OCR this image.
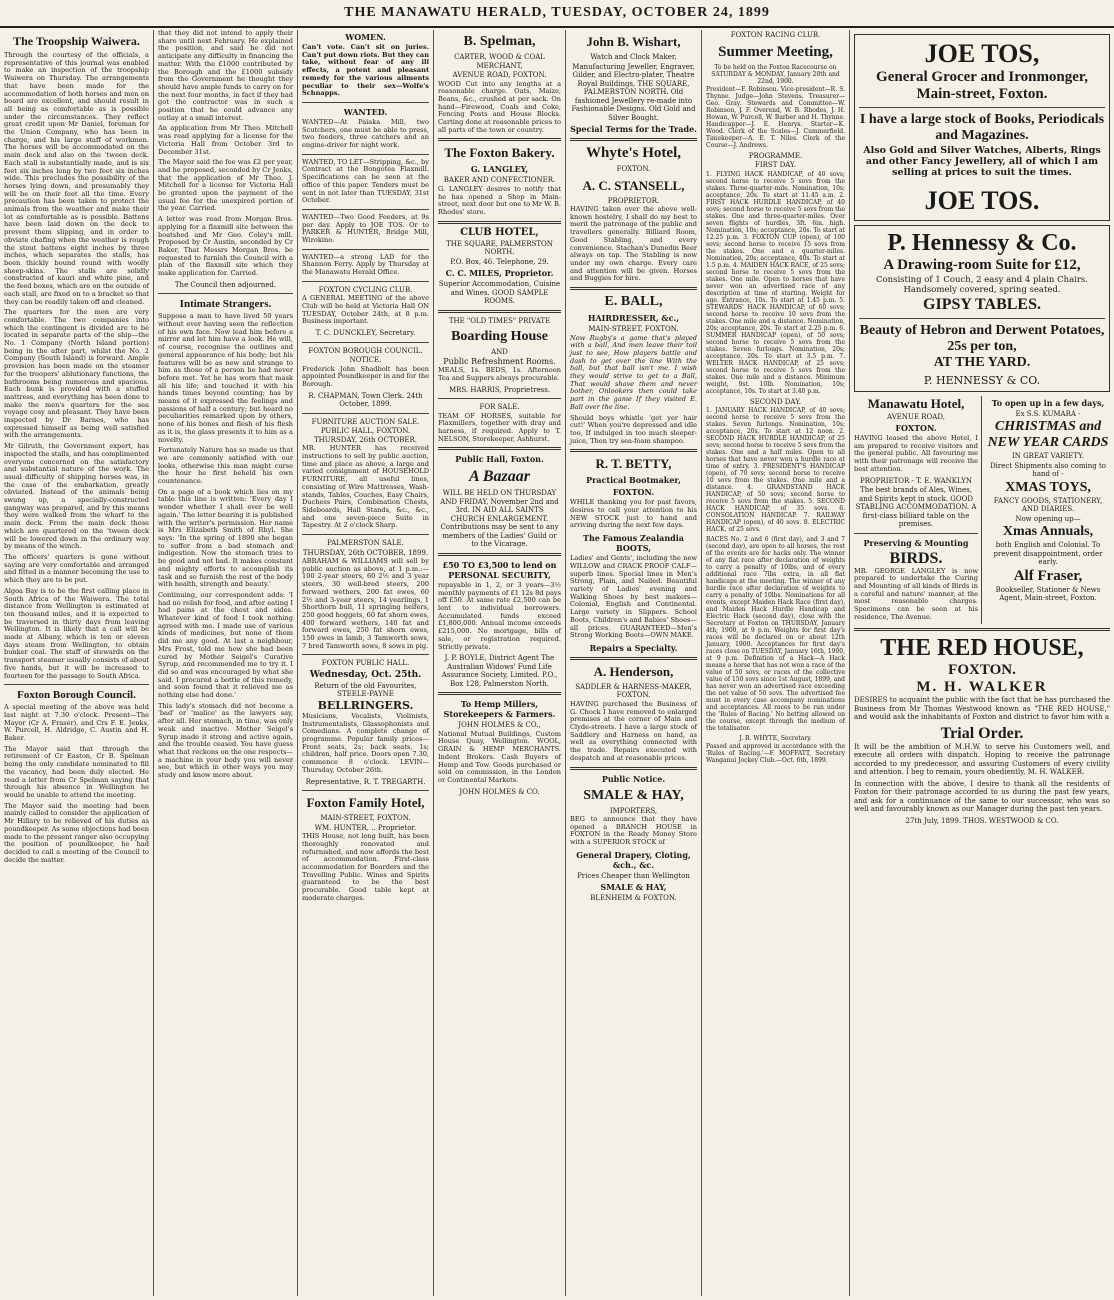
THE MANAWATU HERALD, TUESDAY, OCTOBER 24, 1899
The Troopship Waiwera.

Through the courtesy of the officials, a representative of this journal was enabled to make an inspection of the troopship Waiwera on Thursday. The arrangements that have been made for the accommodation of both horses and men on board are excellent, and should result in all being as comfortable as is possible under the circumstances. They reflect great credit upon Mr Daniel, foreman for the Union Company, who has been in charge, and his large staff of workmen. The horses will be accommodated on the main deck and also on the 'tween deck. Each stall is substantially made, and is six feet six inches long by two feet six inches wide. This precludes the possibility of the horses lying down, and presumably they will be on their feet all the time. Every precaution has been taken to protect the animals from the weather and make their lot as comfortable as is possible. Battens have been laid down on the deck to prevent them slipping, and in order to obviate chafing when the weather is rough the stout battens eight inches by three inches, which separates the stalls, has been thickly bound round with woolly sheep-skins. The stalls are solidly constructed of kauri and white pine, and the feed boxes, which are on the outside of each stall, are fixed on to a bracket so that they can be readily taken off and cleaned.

The quarters for the men are very comfortable. The two companies into which the contingent is divided are to be located in separate parts of the ship—the No. 1 Company (North Island portion) being in the after part, whilst the No. 2 Company (South Island) is forward. Ample provision has been made on the steamer for the troopers' ablutionary functions, the bathrooms being numerous and spacious. Each bunk is provided with a stuffed mattress, and everything has been done to make the men's quarters for the sea voyage cosy and pleasant. They have been inspected by Dr Barnes, who has expressed himself as being well satisfied with the arrangements.

Mr Gilruth, the Government expert, has inspected the stalls, and has complimented everyone concerned on the satisfactory and substantial nature of the work. The usual difficulty of shipping horses was, in the case of the embarkation, greatly obviated. Instead of the animals being swung up, a specially-constructed gangway was prepared, and by this means they were walked from the wharf to the main deck. From the main deck those which are quartered on the 'tween deck will be lowered down in the ordinary way by means of the winch.

The officers' quarters is gone without saying are very comfortable and arranged and fitted in a manner becoming the use to which they are to be put.

Algoa Bay is to be the first calling place in South Africa of the Waiwera. The total distance from Wellington is estimated at ten thousand miles, and it is expected to be traversed in thirty days from leaving Wellington. It is likely that a call will be made at Albany, which is ten or eleven days steam from Wellington, to obtain bunker coal. The staff of stewards on the transport steamer usually consists of about five hands, but it will be increased to fourteen for the passage to South Africa.

Foxton Borough Council.

A special meeting of the above was held last night at 7.30 o'clock. Present—The Mayor (Cr A. Fraser), and Crs F. E. Jenks, W. Purcell, H. Aldridge, C. Austin and H. Baker.

The Mayor said that through the retirement of Cr Easton, Cr B. Spelman being the only candidate nominated to fill the vacancy, had been duly elected. He read a letter from Cr Spelman saying that through his absence in Wellington he would be unable to attend the meeting.

The Mayor said the meeting had been mainly called to consider the application of Mr Hillary to be relieved of his duties as poundkeeper. As some objections had been made to the present ranger also occupying the position of poundkeeper, he had decided to call a meeting of the Council to decide the matter.

that they did not intend to apply their share until next February. He explained the position, and said he did not anticipate any difficulty in financing the matter. With the £1000 contributed by the Borough and the £1000 subsidy from the Government he thought they should have ample funds to carry on for the next four months, in fact if they had got the contractor was in such a position that he could advance any outlay at a small interest.

An application from Mr Theo. Mitchell was read applying for a license for the Victoria Hall from October 3rd to December 31st.

The Mayor said the fee was £2 per year, and he proposed, seconded by Cr Jenks, that the application of Mr Theo. J. Mitchell for a license for Victoria Hall be granted upon the payment of the usual fee for the unexpired portion of the year. Carried.

A letter was read from Morgan Bros. applying for a flaxmill site between the boatshed and Mr Geo. Coley's mill. Proposed by Cr Austin, seconded by Cr Baker, That Messrs Morgan Bros. be requested to furnish the Council with a plan of the flaxmill site which they make application for. Carried.

The Council then adjourned.

Intimate Strangers.

Suppose a man to have lived 50 years without ever having seen the reflection of his own face. Now lead him before a mirror and let him have a look. He will, of course, recognise the outlines and general appearance of his body; but his features will be as new and strange to him as those of a person he had never before met. Yet he has worn that mask all his life; and touched it with his hands times beyond counting; has by means of it expressed the feelings and passions of half a century; but heard no peculiarities remarked upon by others, none of his bones and flesh of his flesh as it is, the glass presents it to him as a novelty.

Fortunately Nature has so made us that we are commonly satisfied with our looks, otherwise this man might curse the hour he first beheld his own countenance.

On a page of a book which lies on my table this line is written: 'Every day I wonder whether I shall ever be well again.' The letter bearing it is published with the writer's permission. Her name is Mrs Elizabeth Smith of Rhyl. She says: 'In the spring of 1890 she began to suffer from a bad stomach and indigestion. Now the stomach tries to be good and not bad. It makes constant and mighty efforts to accomplish its task and so furnish the rest of the body with health, strength and beauty.'

Continuing, our correspondent adds: 'I had no relish for food, and after eating I had pains at the chest and sides. Whatever kind of food I took nothing agreed with me. I made use of various kinds of medicines, but none of them did me any good. At last a neighbour, Mrs Frost, told me how she had been cured by Mother Seigel's Curative Syrup, and recommended me to try it. I did so and was encouraged by what she said. I procured a bottle of this remedy, and soon found that it relieved me as nothing else had done.'

This lady's stomach did not become a 'bad' or 'malice' as the lawyers say, after all. Her stomach, in time, was only weak and inactive. Mother Seigel's Syrup made it strong and active again, and the trouble ceased. You have guess what that reckons on the one respects—a machine in your body you will never see, but which in other ways you may study and know more about.

WOMEN.

Can't vote. Can't sit on juries. Can't put down riots. But they can take, without fear of any ill effects, a potent and pleasant remedy for the various ailments peculiar to their sex—Wolfe's Schnapps.

WANTED.

WANTED—At Paiaka Mill, two Scutchers, one must be able to press, two feeders, three catchers and an engine-driver for night work.

WANTED, TO LET—Stripping, &c., by Contract at the Bongotea Flaxmill. Specifications can be seen at the office of this paper. Tenders must be sent in not later than TUESDAY, 31st October.

WANTED—Two Good Feeders, at 9s per day. Apply to JOE TOS. Or to PARKER & HUNTER, Bridge Mill, Wirokino.

WANTED—a strong LAD for the Shannon Ferry. Apply by Thursday at the Manawatu Herald Office.

FOXTON CYCLING CLUB.

A GENERAL MEETING of the above Club will be held at Victoria Hall ON TUESDAY, October 24th, at 8 p.m. Business important.

T. C. DUNCKLEY, Secretary.

FOXTON BOROUGH COUNCIL.
NOTICE.

Frederick John Shadbolt has been appointed Poundkeeper in and for the Borough.

R. CHAPMAN, Town Clerk. 24th October, 1899.

FURNITURE AUCTION SALE.
PUBLIC HALL, FOXTON. THURSDAY, 26th OCTOBER.

MR. HUNTER has received instructions to sell by public auction, time and place as above, a large and varied consignment of HOUSEHOLD FURNITURE, all useful lines, consisting of Wire Mattresses, Wash-stands, Tables, Couches, Easy Chairs, Duchess Pairs, Combination Chests, Sideboards, Hall Stands, &c., &c., and one seven-piece Suite in Tapestry. At 2 o'clock Sharp.

PALMERSTON SALE.
THURSDAY, 26th OCTOBER, 1899.

ABRAHAM & WILLIAMS will sell by public auction as above, at 1 p.m.:— 100 2-year steers, 60 2½ and 3 year steers, 30 well-bred steers, 200 forward wethers, 200 fat ewes, 60 2½ and 3-year steers, 14 yearlings, 1 Shorthorn bull, 11 springing heifers, 250 good hoggets, 60 fat shorn ewes, 400 forward wethers, 140 fat and forward ewes, 250 fat shorn ewes, 150 ewes in lamb, 3 Tamworth sows, 7 bred Tamworth sows, 8 sows in pig.

FOXTON PUBLIC HALL.
Wednesday, Oct. 25th.

Return of the old Favourites, STEELE-PAYNE

BELLRINGERS.

Musicians, Vocalists, Violinists, Instrumentalists, Glassophonists and Comedians. A complete change of programme. Popular family prices—Front seats, 2s; back seats, 1s; children, half price. Doors open 7.30, commence 8 o'clock. LEVIN—Thursday, October 26th.

Representative, R. T. TREGARTH.

Foxton Family Hotel,
MAIN-STREET, FOXTON.
WM. HUNTER, .. Proprietor.

THIS House, not long built, has been thoroughly renovated and refurnished, and now affords the best of accommodation. First-class accommodation for Boarders and the Travelling Public. Wines and Spirits guaranteed to be the best procurable. Good table kept at moderate charges.

B. Spelman,
CARTER, WOOD & COAL MERCHANT,
AVENUE ROAD, FOXTON.

WOOD Cut into any lengths at a reasonable charge. Oats, Maize, Beans, &c., crushed at per sack. On hand—Firewood, Coals and Coke, Fencing Posts and House Blocks. Carting done at reasonable prices to all parts of the town or country.

The Foxton Bakery.
G. LANGLEY,
BAKER AND CONFECTIONER.

G. LANGLEY desires to notify that he has opened a Shop in Main-street, next door but one to Mr W. B. Rhodes' store.

CLUB HOTEL,
THE SQUARE, PALMERSTON NORTH.
P.O. Box, 46. Telephone, 29.
C. C. MILES, Proprietor.

Superior Accommodation, Cuisine and Wines. GOOD SAMPLE ROOMS.

THE "OLD TIMES" PRIVATE
Boarding House
AND
Public Refreshment Rooms.

MEALS, 1s. BEDS, 1s. Afternoon Tea and Suppers always procurable.

MRS. HARRIS, Proprietress.

FOR SALE.

TEAM OF HORSES, suitable for Flaxmillers, together with dray and harness, if required. Apply to T. NELSON, Storekeeper, Ashhurst.

Public Hall, Foxton.
A Bazaar

WILL BE HELD ON THURSDAY AND FRIDAY, November 2nd and 3rd. IN AID ALL SAINTS CHURCH ENLARGEMENT. Contributions may be sent to any members of the Ladies' Guild or to the Vicarage.

£50 TO £3,500 to lend on PERSONAL SECURITY,

repayable in 1, 2, or 3 years—3½ monthly payments of £1 12s 8d pays off £50. At same rate £2,500 can be lent to individual borrowers. Accumulated funds exceed £1,800,000. Annual income exceeds £215,000. No mortgage, bills of sale, or registration required. Strictly private.

J. P. BOYLE, District Agent The Australian Widows' Fund Life Assurance Society, Limited. P.O., Box 128, Palmerston North.

To Hemp Millers, Storekeepers & Farmers.
JOHN HOLMES & CO.,

National Mutual Buildings, Custom House Quay, Wellington. WOOL, GRAIN & HEMP MERCHANTS. Indent Brokers. Cash Buyers of Hemp and Tow. Goods purchased or sold on commission, in the London or Continental Markets.

JOHN HOLMES & CO.

John B. Wishart,
Watch and Clock Maker,

Manufacturing Jeweller, Engraver, Gilder, and Electro-plater, Theatre Royal Buildings, THE SQUARE, PALMERSTON NORTH. Old fashioned Jewellery re-made into Fashionable Designs. Old Gold and Silver Bought.

Special Terms for the Trade.
Whyte's Hotel,
FOXTON.
A. C. STANSELL,
PROPRIETOR.

HAVING taken over the above well-known hostelry, I shall do my best to merit the patronage of the public and travellers generally. Billiard Room, Good Stabling, and every convenience. Stachan's Dunedin Beer always on tap. The Stabling is now under my own charge. Every care and attention will be given. Horses and Buggies for hire.

E. BALL,
HAIRDRESSER, &c.,
MAIN-STREET, FOXTON.

Now Rugby's a game that's played with a ball, And men leave their toil just to see, How players battle and dash to get over the line With the ball, but that ball isn't me. I wish they would strive to get to a Ball, That would shave them and never bother, Onlookers then could take part in the game If they visited E. Ball over the line.

Should boys whistle 'get yer hair cut!' When you're depressed and idle too, If indulged in too much sleeper-juice, Then try sea-foam shampoo.

R. T. BETTY,
Practical Bootmaker,
FOXTON.

WHILE thanking you for past favors, desires to call your attention to his NEW STOCK just to hand and arriving during the next few days.

The Famous Zealandia BOOTS,

Ladies' and Gents', including the new WILLOW and CRACK PROOF CALF—superb lines. Special lines in Men's Strong, Plain, and Nailed. Beautiful variety of Ladies' evening and Walking Shoes by best makers—Colonial, English and Continental. Large variety in Slippers. School Boots, Children's and Babies' Shoes—all prices. GUARANTEED—Men's Strong Working Boots—OWN MAKE.

Repairs a Specialty.
A. Henderson,
SADDLER & HARNESS-MAKER, FOXTON.

HAVING purchased the Business of G. Chock I have removed to enlarged premises at the corner of Main and Clyde-streets. I have a large stock of Saddlery and Harness on hand, as well as everything connected with the trade. Repairs executed with despatch and at reasonable prices.

Public Notice.
SMALE & HAY,
IMPORTERS,

BEG to announce that they have opened a BRANCH HOUSE in FOXTON in the Ready Money Store with a SUPERIOR STOCK of

General Drapery, Cloting, &ch., &c.

Prices Cheaper than Wellington

SMALE & HAY,

BLENHEIM & FOXTON.

FOXTON RACING CLUB.
Summer Meeting,

To be held on the Foxton Racecourse on SATURDAY & MONDAY, January 20th and 22nd, 1900.

President—F. Robinson. Vice-president—R. S. Thynne. Judge—John Stevens. Treasurer—Geo. Gray. Stewards and Committee—W. Robinson, J. F. Overend, W. B. Rhodes, J. H. Howan, W. Purcell, W. Barber and H. Thynne. Handicapper—J. E. Henrys. Starter—K. Wood. Clerk of the Scales—J. Cummerfield. Timekeeper—A. E. T. Niles. Clerk of the Course—J. Andrews.

PROGRAMME.
FIRST DAY.

1. FLYING HACK HANDICAP, of 40 sovs; second horse to receive 5 sovs from the stakes. Three-quarter-mile. Nomination, 10s; acceptance, 20s. To start at 11.45 a.m. 2. FIRST HACK HURDLE HANDICAP, of 40 sovs; second horse to receive 5 sovs from the stakes. One and three-quarter-miles. Over seven flights of hurdles, 3ft. 6in. high. Nomination, 10s; acceptance, 20s. To start at 12.25 p.m. 3. FOXTON CUP (open), of 100 sovs; second horse to receive 15 sovs from the stakes. One and a quarter-miles. Nomination, 20s; acceptance, 40s. To start at 1.5 p.m. 4. MAIDEN HACK RACE, of 25 sovs; second horse to receive 5 sovs from the stakes. One mile. Open to horses that have never won an advertised race of any description at time of starting. Weight for age. Entrance, 10s. To start at 1.45 p.m. 5. STEWARDS' HACK HANDICAP, of 60 sovs; second horse to receive 10 sovs from the stakes. One mile and a distance. Nomination, 20s; acceptance, 20s. To start at 2.25 p.m. 6. SUMMER HANDICAP (open), of 50 sovs; second horse to receive 5 sovs from the stakes. Seven furlongs. Nomination, 20s; acceptance, 20s. To start at 3.5 p.m. 7. WELTER HACK HANDICAP, of 25 sovs; second horse to receive 5 sovs from the stakes. One mile and a distance. Minimum weight, 9st. 10lb. Nomination, 10s; acceptance, 10s. To start at 3.40 p.m.

SECOND DAY.

1. JANUARY HACK HANDICAP, of 40 sovs; second horse to receive 5 sovs from the stakes. Seven furlongs. Nomination, 10s; acceptance, 20s. To start at 12 noon. 2. SECOND HACK HURDLE HANDICAP, of 25 sovs; second horse to receive 5 sovs from the stakes. One and a half miles. Open to all horses that have never won a hurdle race at time of entry. 3. PRESIDENT'S HANDICAP (open), of 70 sovs; second horse to receive 10 sovs from the stakes. One mile and a distance. 4. GRANDSTAND HACK HANDICAP, of 50 sovs; second horse to receive 5 sovs from the stakes. 5. SECOND HACK HANDICAP, of 35 sovs. 6. CONSOLATION HANDICAP. 7. RAILWAY HANDICAP (open), of 40 sovs. 8. ELECTRIC HACK, of 25 sovs.

RACES No. 2 and 6 (first day), and 3 and 7 (second day), are open to all horses, the rest of the events are for hacks only. The winner of any flat race after declaration of weights to carry a penalty of 10lbs, and of every additional race 7lbs extra, in all flat handicaps at the meeting. The winner of any hurdle race after declaration of weights to carry a penalty of 10lbs. Nominations for all events, except Maiden Hack Race (first day), and Maiden Hack Hurdle Handicap and Electric Hack (second day), close with the Secretary at Foxton on THURSDAY, January 4th, 1900, at 9 p.m. Weights for first day's races will be declared on or about 12th January, 1900. Acceptances for first day's races close on TUESDAY, January 16th, 1900, at 9 p.m. Definition of a Hack—A Hack means a horse that has not won a race of the value of 50 sovs, or races of the collective value of 150 sovs since 1st August, 1899, and has never won an advertised race exceeding the net value of 50 sovs. The advertised fee must in every case accompany nominations and acceptances. All races to be run under the 'Rules of Racing.' No betting allowed on the course, except through the medium of the totalisator.

J. R. WHYTE, Secretary.

Passed and approved in accordance with the 'Rules of Racing.'—F. MOFFATT, Secretary Wanganui Jockey Club.—Oct. 6th, 1899.

JOE TOS,
General Grocer and Ironmonger,
Main-street, Foxton.
I have a large stock of Books, Periodicals and Magazines.
Also Gold and Silver Watches, Alberts, Rings and other Fancy Jewellery, all of which I am selling at prices to suit the times.
JOE TOS.
P. Hennessy & Co.
A Drawing-room Suite for £12,
Consisting of 1 Couch, 2 easy and 4 plain Chairs. Handsomely covered, spring seated.
GIPSY TABLES.
Beauty of Hebron and Derwent Potatoes, 25s per ton,
AT THE YARD.
P. HENNESSY & CO.
Manawatu Hotel,
AVENUE ROAD,
FOXTON.

HAVING leased the above Hotel, I am prepared to receive visitors and the general public. All favouring me with their patronage will receive the best attention.

PROPRIETOR - T. E. WANKLYN

The best brands of Ales, Wines, and Spirits kept in stock. GOOD STABLING ACCOMMODATION. A first-class billiard table on the premises.

Preserving & Mounting
BIRDS.

MR. GEORGE LANGLEY is now prepared to undertake the Curing and Mounting of all kinds of Birds in a careful and nature' manner, at the most reasonable charges. Specimens can be seen at his residence, The Avenue.

To open up in a few days,
Ex S.S. KUMARA -
CHRISTMAS and NEW YEAR CARDS

IN GREAT VARIETY.

Direct Shipments also coming to hand of -

XMAS TOYS,

FANCY GOODS, STATIONERY, AND DIARIES.

Now opening up—

Xmas Annuals,

both English and Colonial. To prevent disappointment, order early.

Alf Fraser,

Bookseller, Stationer & News Agent, Main-street, Foxton.

THE RED HOUSE,
FOXTON.
M. H. WALKER

DESIRES to acquaint the public with the fact that he has purchased the Business from Mr Thomas Westwood known as "THE RED HOUSE," and would ask the inhabitants of Foxton and district to favor him with a

Trial Order.

It will be the ambition of M.H.W. to serve his Customers well, and execute all orders with dispatch. Hoping to receive the patronage accorded to my predecessor, and assuring Customers of every civility and attention. I beg to remain, yours obediently, M. H. WALKER.

In connection with the above, I desire to thank all the residents of Foxton for their patronage accorded to us during the past few years, and ask for a continuance of the same to our successor, who was so well and favourably known as our Manager during the past ten years.

27th July, 1899. THOS. WESTWOOD & CO.
